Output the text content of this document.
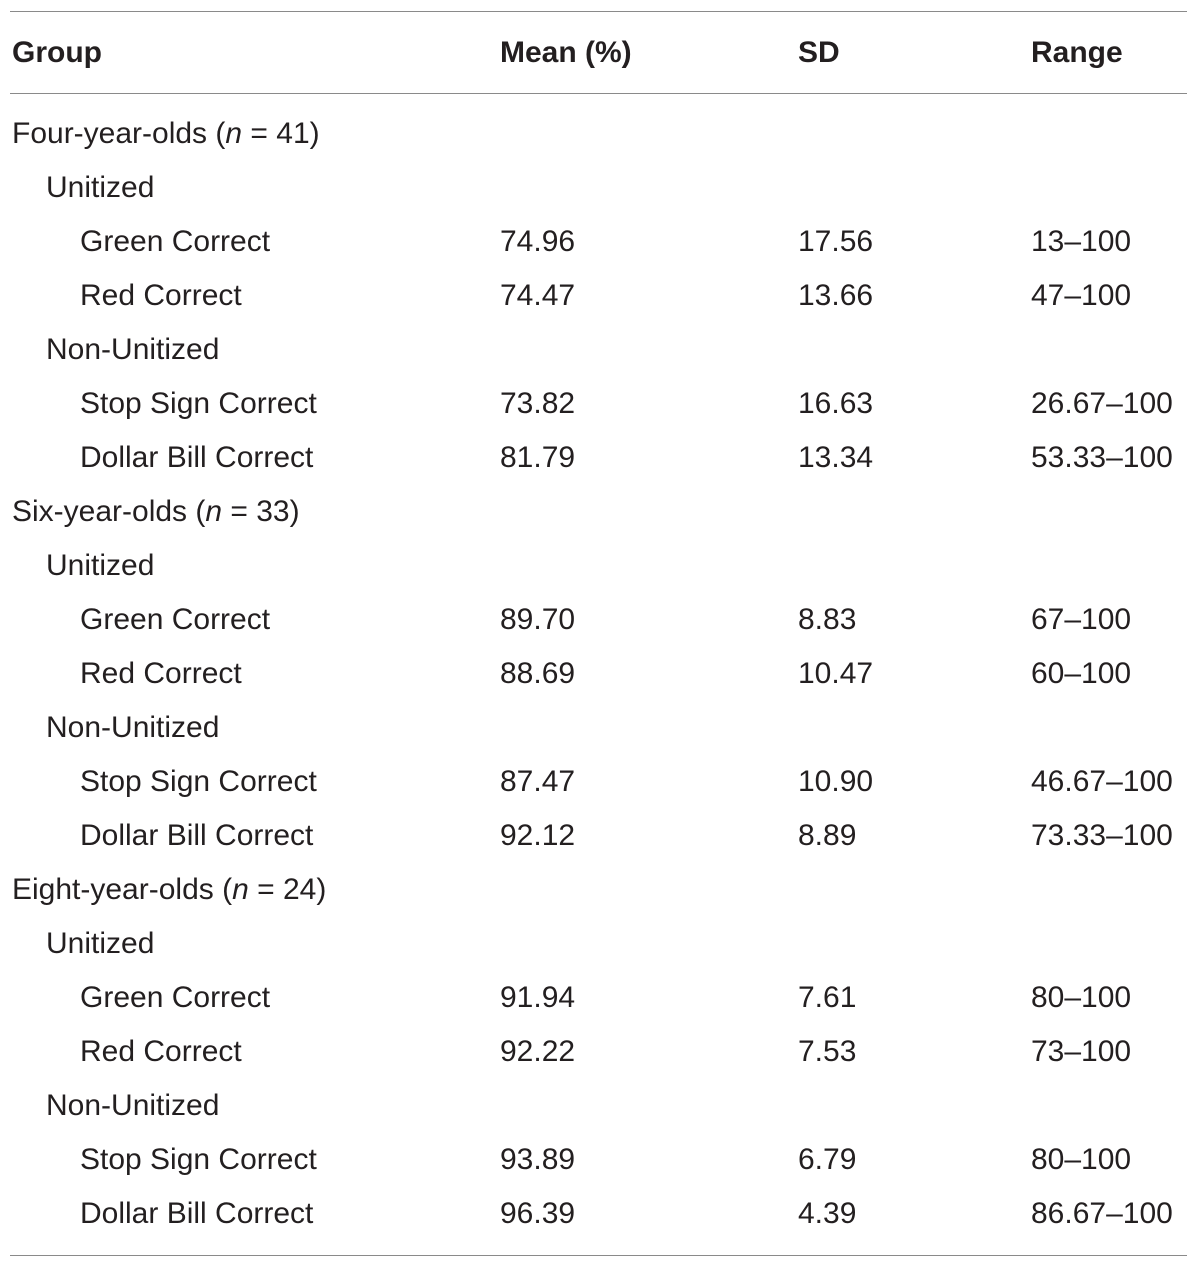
Group	Mean (%)	SD	Range
Four-year-olds (n = 41)
Unitized
Green Correct	74.96	17.56	13–100
Red Correct	74.47	13.66	47–100
Non-Unitized
Stop Sign Correct	73.82	16.63	26.67–100
Dollar Bill Correct	81.79	13.34	53.33–100
Six-year-olds (n = 33)
Unitized
Green Correct	89.70	8.83	67–100
Red Correct	88.69	10.47	60–100
Non-Unitized
Stop Sign Correct	87.47	10.90	46.67–100
Dollar Bill Correct	92.12	8.89	73.33–100
Eight-year-olds (n = 24)
Unitized
Green Correct	91.94	7.61	80–100
Red Correct	92.22	7.53	73–100
Non-Unitized
Stop Sign Correct	93.89	6.79	80–100
Dollar Bill Correct	96.39	4.39	86.67–100
